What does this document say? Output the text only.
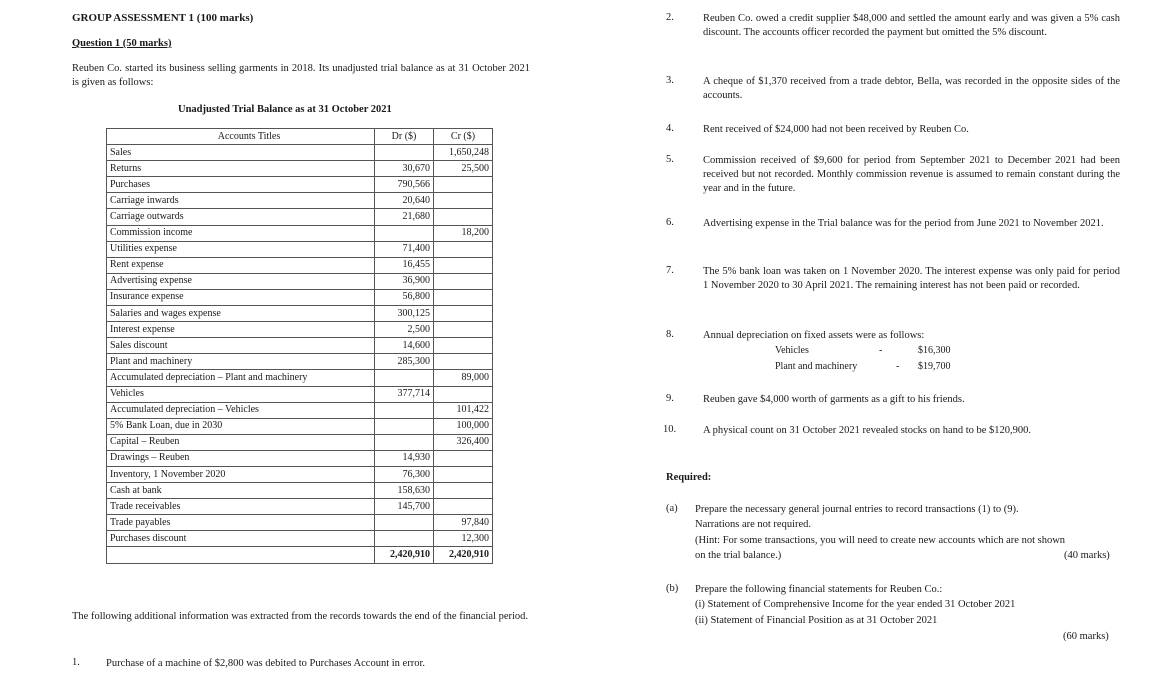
GROUP ASSESSMENT 1 (100 marks)
Question 1 (50 marks)
Reuben Co. started its business selling garments in 2018. Its unadjusted trial balance as at 31 October 2021 is given as follows:
Unadjusted Trial Balance as at 31 October 2021
Accounts Titles	Dr ($)	Cr ($)
Sales		1,650,248
Returns	30,670	25,500
Purchases	790,566	
Carriage inwards	20,640	
Carriage outwards	21,680	
Commission income		18,200
Utilities expense	71,400	
Rent expense	16,455	
Advertising expense	36,900	
Insurance expense	56,800	
Salaries and wages expense	300,125	
Interest expense	2,500	
Sales discount	14,600	
Plant and machinery	285,300	
Accumulated depreciation – Plant and machinery		89,000
Vehicles	377,714	
Accumulated depreciation – Vehicles		101,422
5% Bank Loan, due in 2030		100,000
Capital – Reuben		326,400
Drawings – Reuben	14,930	
Inventory, 1 November 2020	76,300	
Cash at bank	158,630	
Trade receivables	145,700	
Trade payables		97,840
Purchases discount		12,300
	2,420,910	2,420,910
The following additional information was extracted from the records towards the end of the financial period.
1. Purchase of a machine of $2,800 was debited to Purchases Account in error.
2.	Reuben Co. owed a credit supplier $48,000 and settled the amount early and was given a 5% cash discount. The accounts officer recorded the payment but omitted the 5% discount.
3.	A cheque of $1,370 received from a trade debtor, Bella, was recorded in the opposite sides of the accounts.
4.	Rent received of $24,000 had not been received by Reuben Co.
5.	Commission received of $9,600 for period from September 2021 to December 2021 had been received but not recorded. Monthly commission revenue is assumed to remain constant during the year and in the future.
6.	Advertising expense in the Trial balance was for the period from June 2021 to November 2021.
7.	The 5% bank loan was taken on 1 November 2020. The interest expense was only paid for period 1 November 2020 to 30 April 2021. The remaining interest has not been paid or recorded.
8.	Annual depreciation on fixed assets were as follows:
Vehicles	-	$16,300
Plant and machinery	- $19,700
9.	Reuben gave $4,000 worth of garments as a gift to his friends.
10.	A physical count on 31 October 2021 revealed stocks on hand to be $120,900.
Required:
(a) Prepare the necessary general journal entries to record transactions (1) to (9).
Narrations are not required.
(Hint: For some transactions, you will need to create new accounts which are not shown
on the trial balance.)	(40 marks)
(b) Prepare the following financial statements for Reuben Co.:
(i) Statement of Comprehensive Income for the year ended 31 October 2021
(ii) Statement of Financial Position as at 31 October 2021
(60 marks)
